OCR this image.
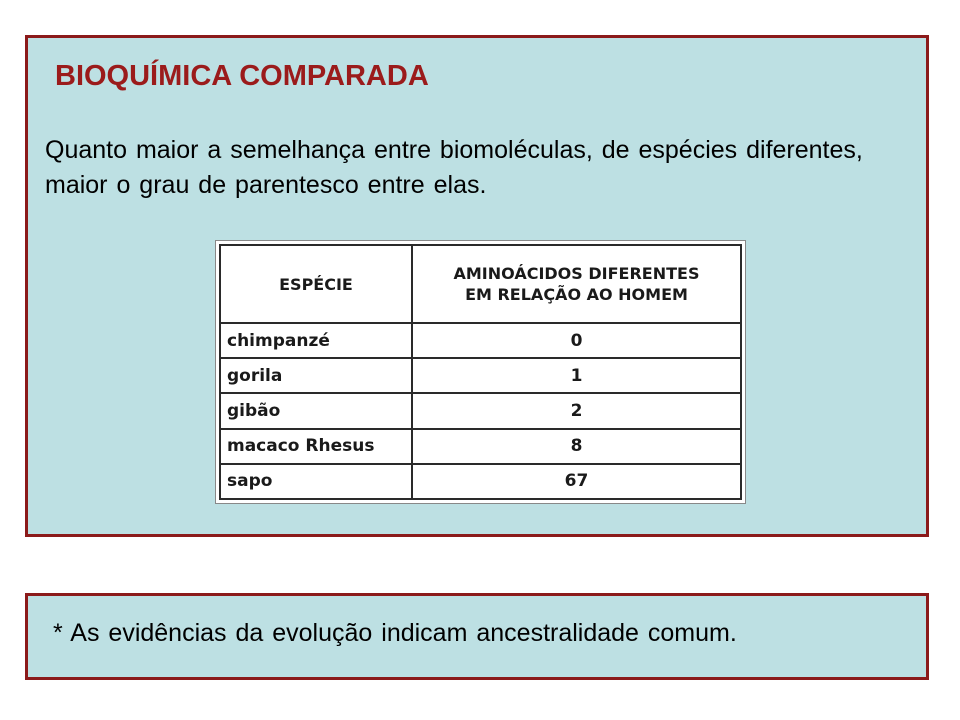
BIOQUÍMICA COMPARADA

Quanto maior a semelhança entre biomoléculas, de espécies diferentes, maior o grau de parentesco entre elas.

ESPÉCIE	AMINOÁCIDOS DIFERENTES
EM RELAÇÃO AO HOMEM
chimpanzé	0
gorila	1
gibão	2
macaco Rhesus	8
sapo	67

* As evidências da evolução indicam ancestralidade comum.
